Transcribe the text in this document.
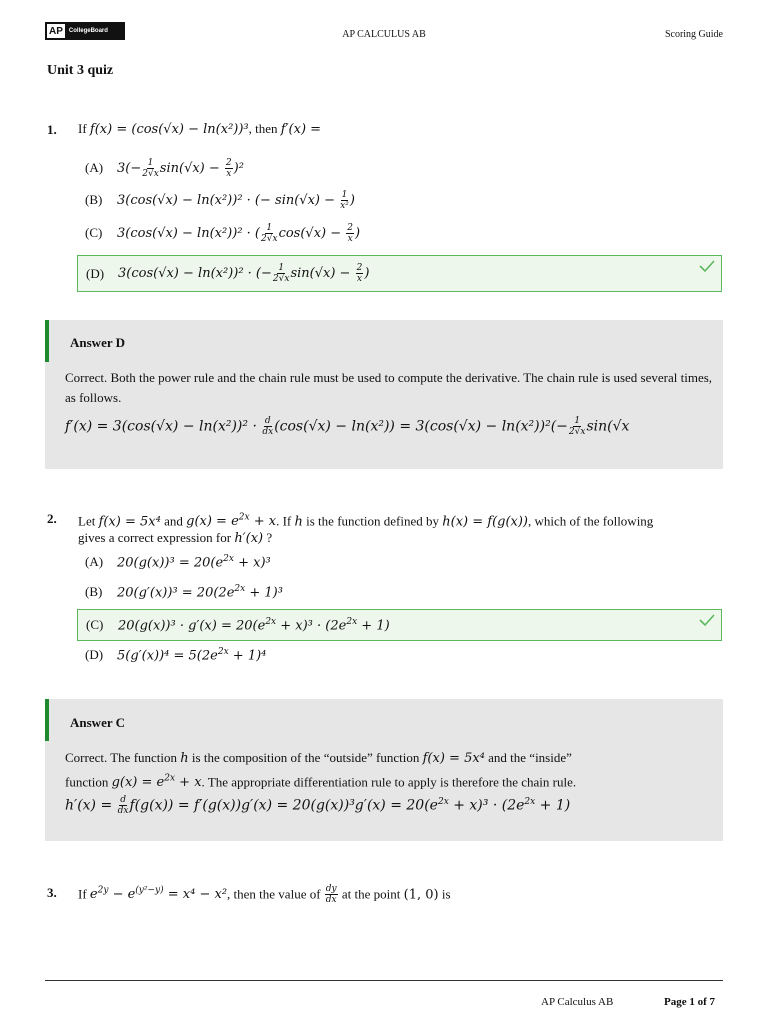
AP	CollegeBoard	AP CALCULUS AB	Scoring Guide
Unit 3 quiz
1. If f(x) = (cos(√x) − ln(x²))³, then f′(x) =
(A)	$3(- \frac{1}{2√x} \sin(√x) - \frac{2}{x} )^2$
(B)	3(cos(√x) − ln(x²))² · (− $\sin(√x) - \frac{1}{\text{x²}}$ )
(C)	3(cos(√x) − ln(x²))² · ( $\frac{1}{2√x} \cos(√x) - \frac{2}{x}$ )
(D)	3(cos(√x) − ln(x²))² · (− $\frac{1}{2√x} \sin(√x) - \frac{2}{x}$ )
Answer D
Correct. Both the power rule and the chain rule must be used to compute the derivative. The chain rule is used several times, as follows.
$f'(x) = 3(\cos(√x) - \ln(x^2))^2 \cdot \frac{d}{dx} (\cos(√x) - \ln(x^2)) = 3(\cos(√x) - \ln(x^2))^2(- \frac{1}{2√x} \sin(√x$
2. Let f(x) = 5x⁴ and $g(x) = e^{2x} + x$. If h is the function defined by h(x) = f(g(x)), which of the following
gives a correct expression for h′(x) ?
(A)	$20(g(x))^3 = 20(e^{2x} + x)^3$
(B)	$20(g'(x))^3 = 20(2e^{2x} + 1)^3$
(C)	$20(g(x))^3 \cdot g'(x) = 20(e^{2x} + x)^3 \cdot (2e^{2x} + 1)$
(D)	$5(g'(x))^4 = 5(2e^{2x} + 1)^4$
Answer C
Correct. The function h is the composition of the “outside” function f(x) = 5x⁴ and the “inside”
function $g(x) = e^{2x} + x$. The appropriate differentiation rule to apply is therefore the chain rule.
$h'(x) = \frac{d}{dx} f(g(x)) = f'(g(x))g'(x) = 20(g(x))^3g'(x) = 20(e^{2x} + x)^3 \cdot (2e^{2x} + 1)$
3. If $e^{2y} - e^{(y^2-y)} = x^4 - x^2$, then the value of $\frac{dy}{dx}$ at the point (1, 0) is
AP Calculus AB	Page 1 of 7
